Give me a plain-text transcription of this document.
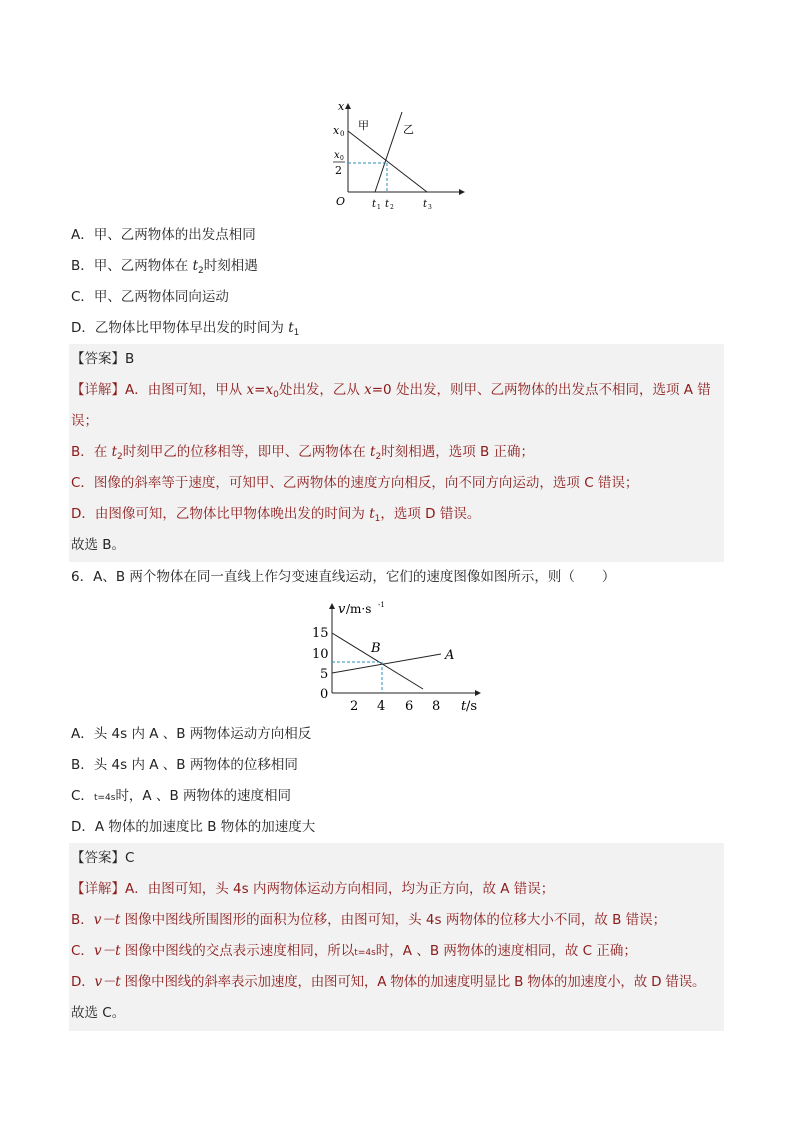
x
x 0
x 0
2
O	t 1 t 2	t 3
甲	乙
A．甲、乙两物体的出发点相同
B．甲、乙两物体在 $t_2$时刻相遇
C．甲、乙两物体同向运动
D．乙物体比甲物体早出发的时间为 $t_1$
【答案】B
【详解】A．由图可知，甲从 $x=x_0$处出发，乙从 x=0 处出发，则甲、乙两物体的出发点不相同，选项 A 错
误；
B．在 $t_2$时刻甲乙的位移相等，即甲、乙两物体在 $t_2$时刻相遇，选项 B 正确；
C．图像的斜率等于速度，可知甲、乙两物体的速度方向相反，向不同方向运动，选项 C 错误；
D．由图像可知，乙物体比甲物体晚出发的时间为 $t_1$，选项 D 错误。
故选 B。
6．A、B 两个物体在同一直线上作匀变速直线运动，它们的速度图像如图所示，则（　　）
v /m·s -1
15
10
5
0
2 4 6 8 t /s
B	A
A．头 4s 内 A 、B 两物体运动方向相反
B．头 4s 内 A 、B 两物体的位移相同
C．t=4s时，A 、B 两物体的速度相同
D．A 物体的加速度比 B 物体的加速度大
【答案】C
【详解】A．由图可知，头 4s 内两物体运动方向相同，均为正方向，故 A 错误；
B．v－t 图像中图线所围图形的面积为位移，由图可知，头 4s 两物体的位移大小不同，故 B 错误；
C．v－t 图像中图线的交点表示速度相同，所以t=4s时，A 、B 两物体的速度相同，故 C 正确；
D．v－t 图像中图线的斜率表示加速度，由图可知，A 物体的加速度明显比 B 物体的加速度小，故 D 错误。
故选 C。
